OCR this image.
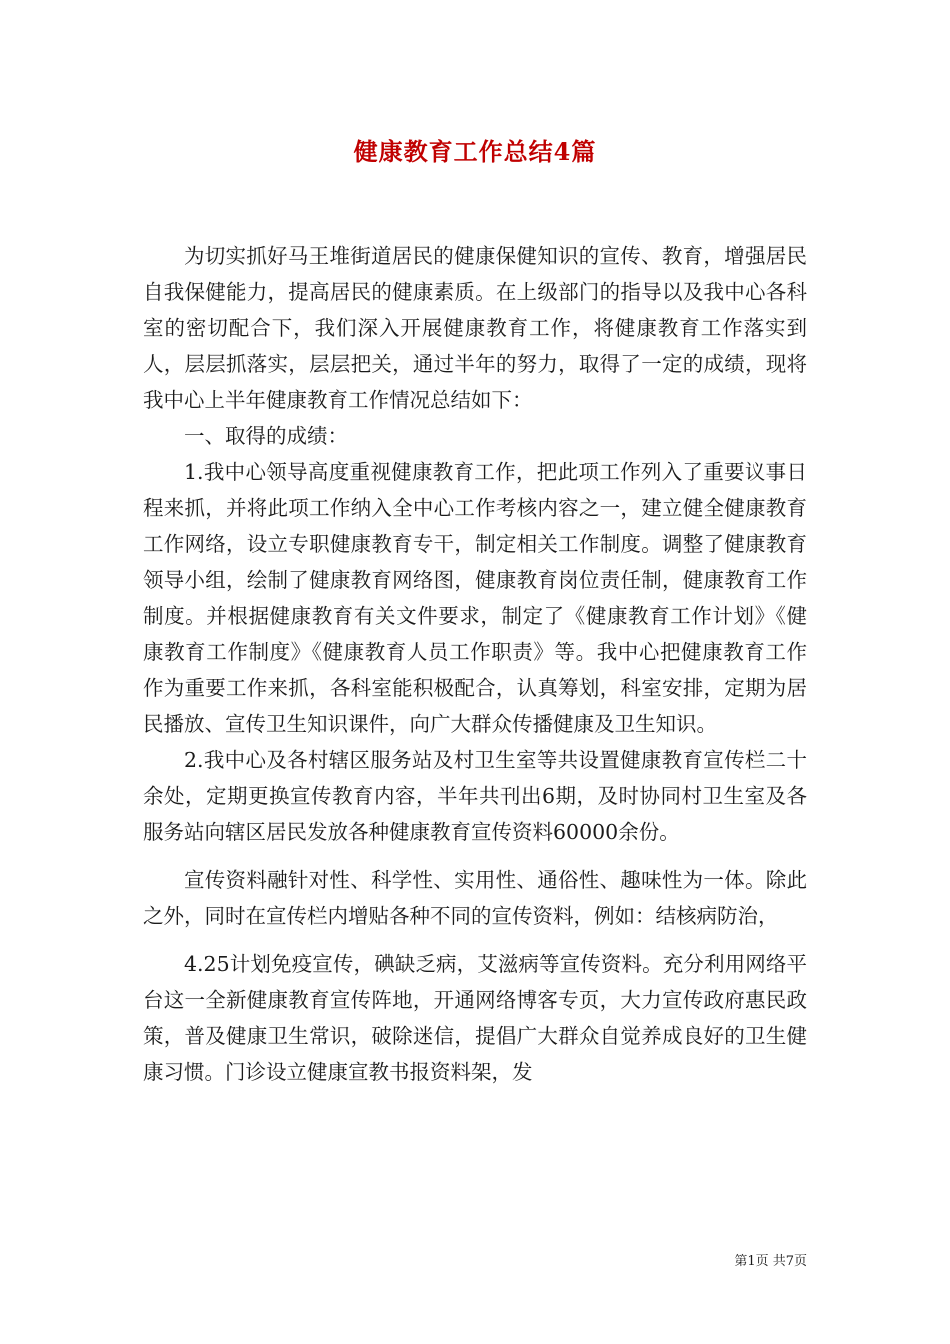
健康教育工作总结4篇

为切实抓好马王堆街道居民的健康保健知识的宣传、教育，增强居民自我保健能力，提高居民的健康素质。在上级部门的指导以及我中心各科室的密切配合下，我们深入开展健康教育工作，将健康教育工作落实到人，层层抓落实，层层把关，通过半年的努力，取得了一定的成绩，现将我中心上半年健康教育工作情况总结如下：

一、取得的成绩：

1.我中心领导高度重视健康教育工作，把此项工作列入了重要议事日程来抓，并将此项工作纳入全中心工作考核内容之一，建立健全健康教育工作网络，设立专职健康教育专干，制定相关工作制度。调整了健康教育领导小组，绘制了健康教育网络图，健康教育岗位责任制，健康教育工作制度。并根据健康教育有关文件要求，制定了《健康教育工作计划》《健康教育工作制度》《健康教育人员工作职责》等。我中心把健康教育工作作为重要工作来抓，各科室能积极配合，认真筹划，科室安排，定期为居民播放、宣传卫生知识课件，向广大群众传播健康及卫生知识。

2.我中心及各村辖区服务站及村卫生室等共设置健康教育宣传栏二十余处，定期更换宣传教育内容，半年共刊出6期，及时协同村卫生室及各服务站向辖区居民发放各种健康教育宣传资料60000余份。

宣传资料融针对性、科学性、实用性、通俗性、趣味性为一体。除此之外，同时在宣传栏内增贴各种不同的宣传资料，例如：结核病防治，

4.25计划免疫宣传，碘缺乏病，艾滋病等宣传资料。充分利用网络平台这一全新健康教育宣传阵地，开通网络博客专页，大力宣传政府惠民政策，普及健康卫生常识，破除迷信，提倡广大群众自觉养成良好的卫生健康习惯。门诊设立健康宣教书报资料架，发

第1页 共7页
